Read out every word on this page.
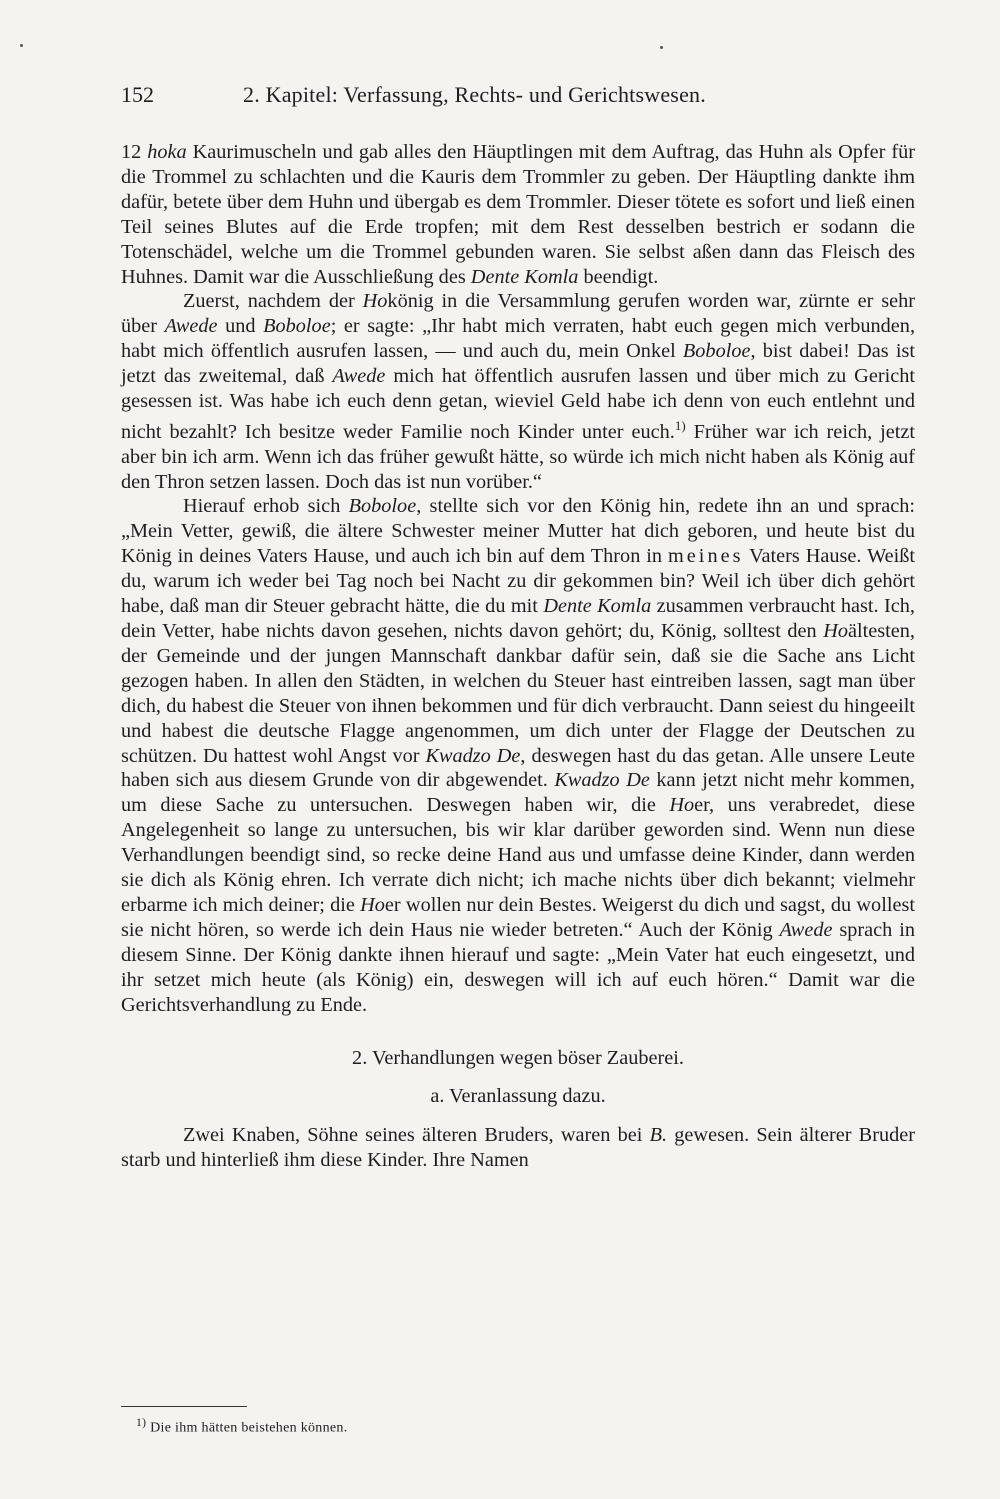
152	2. Kapitel: Verfassung, Rechts- und Gerichtswesen.

12 hoka Kaurimuscheln und gab alles den Häuptlingen mit dem Auftrag, das Huhn als Opfer für die Trommel zu schlachten und die Kauris dem Trommler zu geben. Der Häuptling dankte ihm dafür, betete über dem Huhn und übergab es dem Trommler. Dieser tötete es sofort und ließ einen Teil seines Blutes auf die Erde tropfen; mit dem Rest desselben bestrich er sodann die Totenschädel, welche um die Trommel gebunden waren. Sie selbst aßen dann das Fleisch des Huhnes. Damit war die Ausschließung des Dente Komla beendigt.

Zuerst, nachdem der Hokönig in die Versammlung gerufen worden war, zürnte er sehr über Awede und Boboloe; er sagte: „Ihr habt mich verraten, habt euch gegen mich verbunden, habt mich öffentlich ausrufen lassen, — und auch du, mein Onkel Boboloe, bist dabei! Das ist jetzt das zweitemal, daß Awede mich hat öffentlich ausrufen lassen und über mich zu Gericht gesessen ist. Was habe ich euch denn getan, wieviel Geld habe ich denn von euch entlehnt und nicht bezahlt? Ich besitze weder Familie noch Kinder unter euch.$^{1)}$ Früher war ich reich, jetzt aber bin ich arm. Wenn ich das früher gewußt hätte, so würde ich mich nicht haben als König auf den Thron setzen lassen. Doch das ist nun vorüber.“

Hierauf erhob sich Boboloe, stellte sich vor den König hin, redete ihn an und sprach: „Mein Vetter, gewiß, die ältere Schwester meiner Mutter hat dich geboren, und heute bist du König in deines Vaters Hause, und auch ich bin auf dem Thron in meines Vaters Hause. Weißt du, warum ich weder bei Tag noch bei Nacht zu dir gekommen bin? Weil ich über dich gehört habe, daß man dir Steuer gebracht hätte, die du mit Dente Komla zusammen verbraucht hast. Ich, dein Vetter, habe nichts davon gesehen, nichts davon gehört; du, König, solltest den Hoältesten, der Gemeinde und der jungen Mannschaft dankbar dafür sein, daß sie die Sache ans Licht gezogen haben. In allen den Städten, in welchen du Steuer hast eintreiben lassen, sagt man über dich, du habest die Steuer von ihnen bekommen und für dich verbraucht. Dann seiest du hingeeilt und habest die deutsche Flagge angenommen, um dich unter der Flagge der Deutschen zu schützen. Du hattest wohl Angst vor Kwadzo De, deswegen hast du das getan. Alle unsere Leute haben sich aus diesem Grunde von dir abgewendet. Kwadzo De kann jetzt nicht mehr kommen, um diese Sache zu untersuchen. Deswegen haben wir, die Hoer, uns verabredet, diese Angelegenheit so lange zu untersuchen, bis wir klar darüber geworden sind. Wenn nun diese Verhandlungen beendigt sind, so recke deine Hand aus und umfasse deine Kinder, dann werden sie dich als König ehren. Ich verrate dich nicht; ich mache nichts über dich bekannt; vielmehr erbarme ich mich deiner; die Hoer wollen nur dein Bestes. Weigerst du dich und sagst, du wollest sie nicht hören, so werde ich dein Haus nie wieder betreten.“ Auch der König Awede sprach in diesem Sinne. Der König dankte ihnen hierauf und sagte: „Mein Vater hat euch eingesetzt, und ihr setzet mich heute (als König) ein, deswegen will ich auf euch hören.“ Damit war die Gerichtsverhandlung zu Ende.

2. Verhandlungen wegen böser Zauberei.
a. Veranlassung dazu.

Zwei Knaben, Söhne seines älteren Bruders, waren bei B. gewesen. Sein älterer Bruder starb und hinterließ ihm diese Kinder. Ihre Namen

$^{1)}$ Die ihm hätten beistehen können.
